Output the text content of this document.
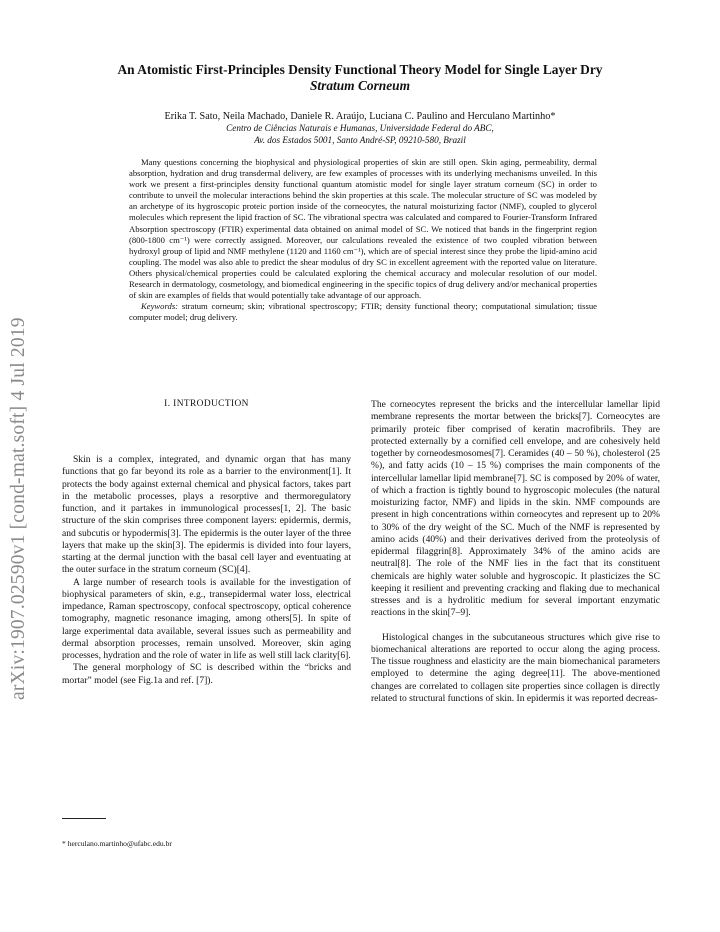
arXiv:1907.02590v1 [cond-mat.soft] 4 Jul 2019
An Atomistic First-Principles Density Functional Theory Model for Single Layer Dry
Stratum Corneum
Erika T. Sato, Neila Machado, Daniele R. Araújo, Luciana C. Paulino and Herculano Martinho*
Centro de Ciências Naturais e Humanas, Universidade Federal do ABC,
Av. dos Estados 5001, Santo André-SP, 09210-580, Brazil

Many questions concerning the biophysical and physiological properties of skin are still open. Skin aging, permeability, dermal absorption, hydration and drug transdermal delivery, are few examples of processes with its underlying mechanisms unveiled. In this work we present a first-principles density functional quantum atomistic model for single layer stratum corneum (SC) in order to contribute to unveil the molecular interactions behind the skin properties at this scale. The molecular structure of SC was modeled by an archetype of its hygroscopic proteic portion inside of the corneocytes, the natural moisturizing factor (NMF), coupled to glycerol molecules which represent the lipid fraction of SC. The vibrational spectra was calculated and compared to Fourier-Transform Infrared Absorption spectroscopy (FTIR) experimental data obtained on animal model of SC. We noticed that bands in the fingerprint region (800-1800 cm⁻¹) were correctly assigned. Moreover, our calculations revealed the existence of two coupled vibration between hydroxyl group of lipid and NMF methylene (1120 and 1160 cm⁻¹), which are of special interest since they probe the lipid-amino acid coupling. The model was also able to predict the shear modulus of dry SC in excellent agreement with the reported value on literature. Others physical/chemical properties could be calculated exploring the chemical accuracy and molecular resolution of our model. Research in dermatology, cosmetology, and biomedical engineering in the specific topics of drug delivery and/or mechanical properties of skin are examples of fields that would potentially take advantage of our approach.

Keywords: stratum corneum; skin; vibrational spectroscopy; FTIR; density functional theory; computational simulation; tissue computer model; drug delivery.

I. INTRODUCTION

Skin is a complex, integrated, and dynamic organ that has many functions that go far beyond its role as a barrier to the environment[1]. It protects the body against external chemical and physical factors, takes part in the metabolic processes, plays a resorptive and thermoregulatory function, and it partakes in immunological processes[1, 2]. The basic structure of the skin comprises three component layers: epidermis, dermis, and subcutis or hypodermis[3]. The epidermis is the outer layer of the three layers that make up the skin[3]. The epidermis is divided into four layers, starting at the dermal junction with the basal cell layer and eventuating at the outer surface in the stratum corneum (SC)[4].

A large number of research tools is available for the investigation of biophysical parameters of skin, e.g., transepidermal water loss, electrical impedance, Raman spectroscopy, confocal spectroscopy, optical coherence tomography, magnetic resonance imaging, among others[5]. In spite of large experimental data available, several issues such as permeability and dermal absorption processes, remain unsolved. Moreover, skin aging processes, hydration and the role of water in life as well still lack clarity[6].

The general morphology of SC is described within the “bricks and mortar” model (see Fig.1a and ref. [7]).

The corneocytes represent the bricks and the intercellular lamellar lipid membrane represents the mortar between the bricks[7]. Corneocytes are primarily proteic fiber comprised of keratin macrofibrils. They are protected externally by a cornified cell envelope, and are cohesively held together by corneodesmosomes[7]. Ceramides (40 – 50 %), cholesterol (25 %), and fatty acids (10 – 15 %) comprises the main components of the intercellular lamellar lipid membrane[7]. SC is composed by 20% of water, of which a fraction is tightly bound to hygroscopic molecules (the natural moisturizing factor, NMF) and lipids in the skin. NMF compounds are present in high concentrations within corneocytes and represent up to 20% to 30% of the dry weight of the SC. Much of the NMF is represented by amino acids (40%) and their derivatives derived from the proteolysis of epidermal filaggrin[8]. Approximately 34% of the amino acids are neutral[8]. The role of the NMF lies in the fact that its constituent chemicals are highly water soluble and hygroscopic. It plasticizes the SC keeping it resilient and preventing cracking and flaking due to mechanical stresses and is a hydrolitic medium for several important enzymatic reactions in the skin[7–9].

Histological changes in the subcutaneous structures which give rise to biomechanical alterations are reported to occur along the aging process. The tissue roughness and elasticity are the main biomechanical parameters employed to determine the aging degree[11]. The above-mentioned changes are correlated to collagen site properties since collagen is directly related to structural functions of skin. In epidermis it was reported decreas-

* herculano.martinho@ufabc.edu.br
